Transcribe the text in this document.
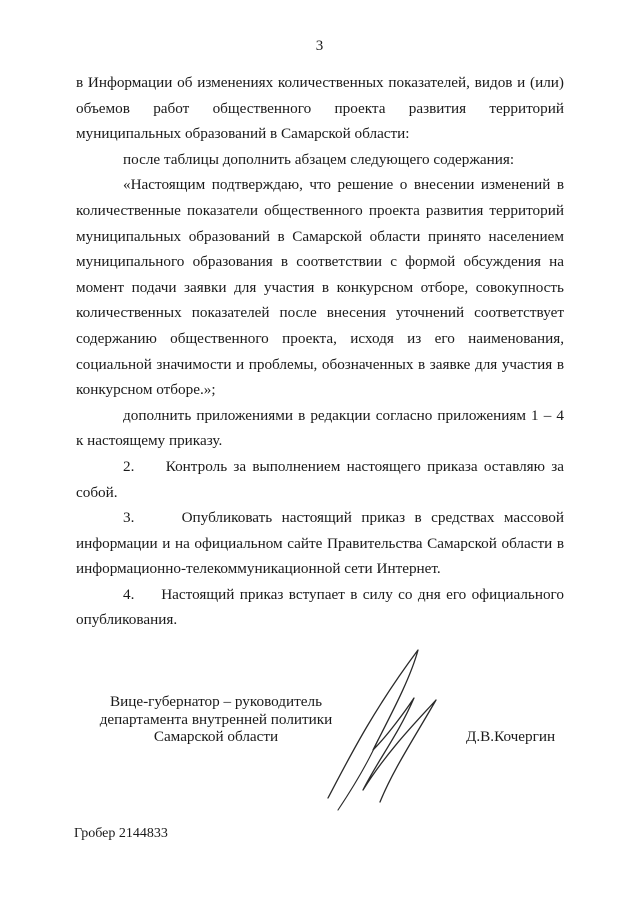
3

в Информации об изменениях количественных показателей, видов и (или) объемов работ общественного проекта развития территорий муниципальных образований в Самарской области:

после таблицы дополнить абзацем следующего содержания:

«Настоящим подтверждаю, что решение о внесении изменений в количественные показатели общественного проекта развития территорий муниципальных образований в Самарской области принято населением муниципального образования в соответствии с формой обсуждения на момент подачи заявки для участия в конкурсном отборе, совокупность количественных показателей после внесения уточнений соответствует содержанию общественного проекта, исходя из его наименования, социальной значимости и проблемы, обозначенных в заявке для участия в конкурсном отборе.»;

дополнить приложениями в редакции согласно приложениям 1 – 4 к настоящему приказу.

2.     Контроль за выполнением настоящего приказа оставляю за собой.

3.     Опубликовать настоящий приказ в средствах массовой информации и на официальном сайте Правительства Самарской области в информационно-телекоммуникационной сети Интернет.

4.     Настоящий приказ вступает в силу со дня его официального опубликования.

Вице-губернатор – руководитель
департамента внутренней политики
Самарской области	Д.В.Кочергин
Гробер 2144833
